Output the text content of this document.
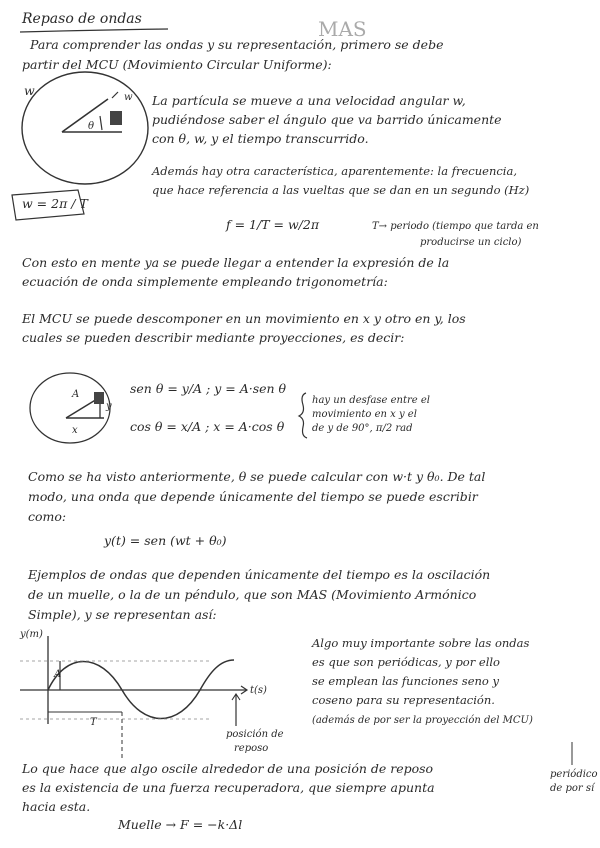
Repaso de ondas	MAS
Para comprender las ondas y su representación, primero se debe
partir del MCU (Movimiento Circular Uniforme):
w	w
θ
La partícula se mueve a una velocidad angular w,
pudiéndose saber el ángulo que va barrido únicamente
con θ, w, y el tiempo transcurrido.
Además hay otra característica, aparentemente: la frecuencia,
que hace referencia a las vueltas que se dan en un segundo (Hz)
w = 2π / T
f = 1/T = w/2π	T→ periodo (tiempo que tarda en
producirse un ciclo)
Con esto en mente ya se puede llegar a entender la expresión de la
ecuación de onda simplemente empleando trigonometría:
El MCU se puede descomponer en un movimiento en x y otro en y, los
cuales se pueden describir mediante proyecciones, es decir:
A
y
x
sen θ = y/A ; y = A·sen θ
cos θ = x/A ; x = A·cos θ
hay un desfase entre el
movimiento en x y el
de y de 90°, π/2 rad
Como se ha visto anteriormente, θ se puede calcular con w·t y θ₀. De tal
modo, una onda que depende únicamente del tiempo se puede escribir
como:
y(t) = sen (wt + θ₀)
Ejemplos de ondas que dependen únicamente del tiempo es la oscilación
de un muelle, o la de un péndulo, que son MAS (Movimiento Armónico
Simple), y se representan así:
y(m)
t(s)
A
T
posición de
reposo
Algo muy importante sobre las ondas
es que son periódicas, y por ello
se emplean las funciones seno y
coseno para su representación.
(además de por ser la proyección del MCU)
periódico
de por sí
Lo que hace que algo oscile alrededor de una posición de reposo
es la existencia de una fuerza recuperadora, que siempre apunta
hacia esta.
Muelle → F = −k·Δl
